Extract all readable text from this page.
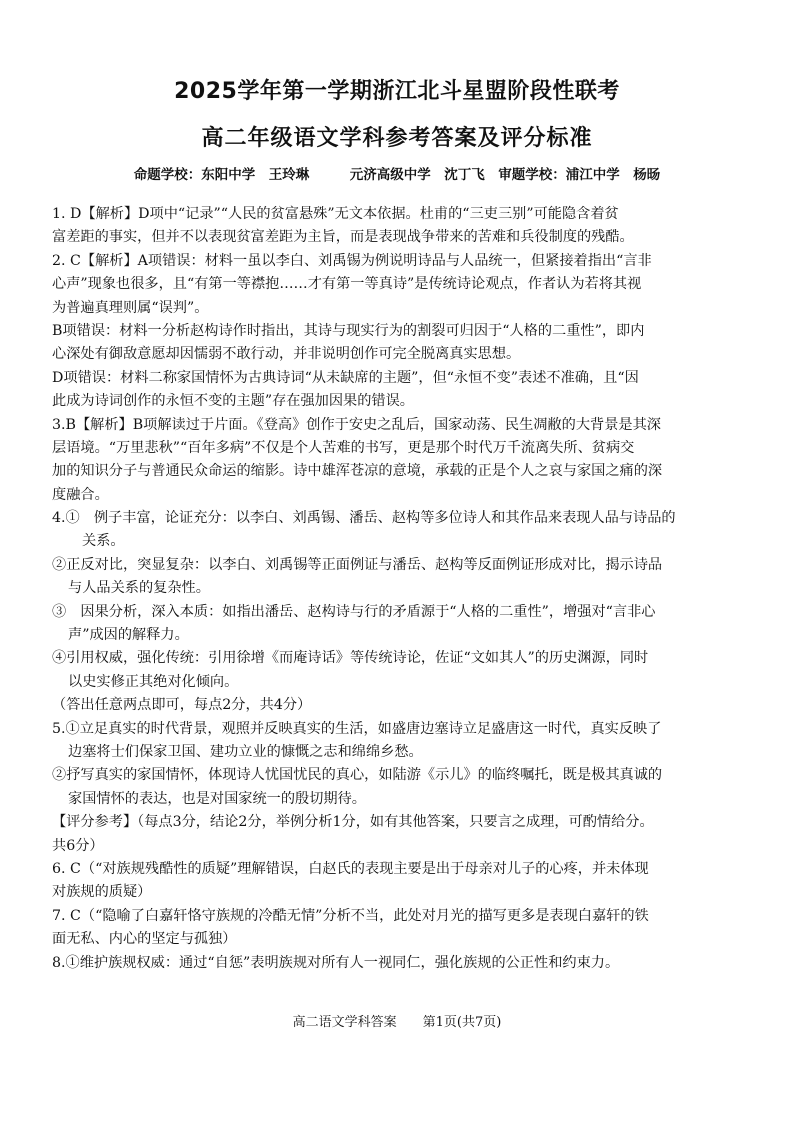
2025学年第一学期浙江北斗星盟阶段性联考
高二年级语文学科参考答案及评分标准
命题学校：东阳中学　王玲琳　　　元济高级中学　沈丁飞　审题学校：浦江中学　杨旸
1. D【解析】D项中“记录”“人民的贫富悬殊”无文本依据。杜甫的“三吏三别”可能隐含着贫
富差距的事实，但并不以表现贫富差距为主旨，而是表现战争带来的苦难和兵役制度的残酷。
2. C【解析】A项错误：材料一虽以李白、刘禹锡为例说明诗品与人品统一，但紧接着指出“言非
心声”现象也很多，且“有第一等襟抱……才有第一等真诗”是传统诗论观点，作者认为若将其视
为普遍真理则属“误判”。
B项错误：材料一分析赵构诗作时指出，其诗与现实行为的割裂可归因于“人格的二重性”，即内
心深处有御敌意愿却因懦弱不敢行动，并非说明创作可完全脱离真实思想。
D项错误：材料二称家国情怀为古典诗词“从未缺席的主题”，但“永恒不变”表述不准确，且“因
此成为诗词创作的永恒不变的主题”存在强加因果的错误。
3.B【解析】B项解读过于片面。《登高》创作于安史之乱后，国家动荡、民生凋敝的大背景是其深
层语境。“万里悲秋”“百年多病”不仅是个人苦难的书写，更是那个时代万千流离失所、贫病交
加的知识分子与普通民众命运的缩影。诗中雄浑苍凉的意境，承载的正是个人之哀与家国之痛的深
度融合。
4.①　例子丰富，论证充分：以李白、刘禹锡、潘岳、赵构等多位诗人和其作品来表现人品与诗品的
关系。
②正反对比，突显复杂：以李白、刘禹锡等正面例证与潘岳、赵构等反面例证形成对比，揭示诗品
与人品关系的复杂性。
③　因果分析，深入本质：如指出潘岳、赵构诗与行的矛盾源于“人格的二重性”，增强对“言非心
声”成因的解释力。
④引用权威，强化传统：引用徐增《而庵诗话》等传统诗论，佐证“文如其人”的历史渊源，同时
以史实修正其绝对化倾向。
（答出任意两点即可，每点2分，共4分）
5.①立足真实的时代背景，观照并反映真实的生活，如盛唐边塞诗立足盛唐这一时代，真实反映了
边塞将士们保家卫国、建功立业的慷慨之志和绵绵乡愁。
②抒写真实的家国情怀，体现诗人忧国忧民的真心，如陆游《示儿》的临终嘱托，既是极其真诚的
家国情怀的表达，也是对国家统一的殷切期待。
【评分参考】（每点3分，结论2分，举例分析1分，如有其他答案，只要言之成理，可酌情给分。
共6分）
6. C（“对族规残酷性的质疑”理解错误，白赵氏的表现主要是出于母亲对儿子的心疼，并未体现
对族规的质疑）
7. C（“隐喻了白嘉轩恪守族规的冷酷无情”分析不当，此处对月光的描写更多是表现白嘉轩的铁
面无私、内心的坚定与孤独）
8.①维护族规权威：通过“自惩”表明族规对所有人一视同仁，强化族规的公正性和约束力。
高二语文学科答案　　第1页(共7页)
